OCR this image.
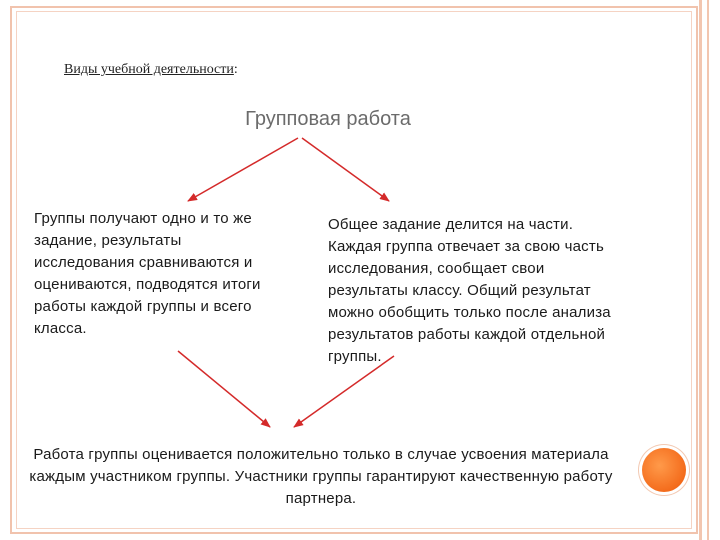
Виды учебной деятельности:
Групповая работа
Группы получают одно и то же задание, результаты исследования сравниваются и оцениваются, подводятся итоги работы каждой группы и всего класса.
Общее задание делится на части. Каждая группа отвечает за свою часть исследования, сообщает свои результаты классу. Общий результат можно обобщить только после анализа результатов работы каждой отдельной группы.
Работа группы оценивается положительно только в случае усвоения материала каждым участником группы. Участники группы гарантируют качественную работу партнера.
